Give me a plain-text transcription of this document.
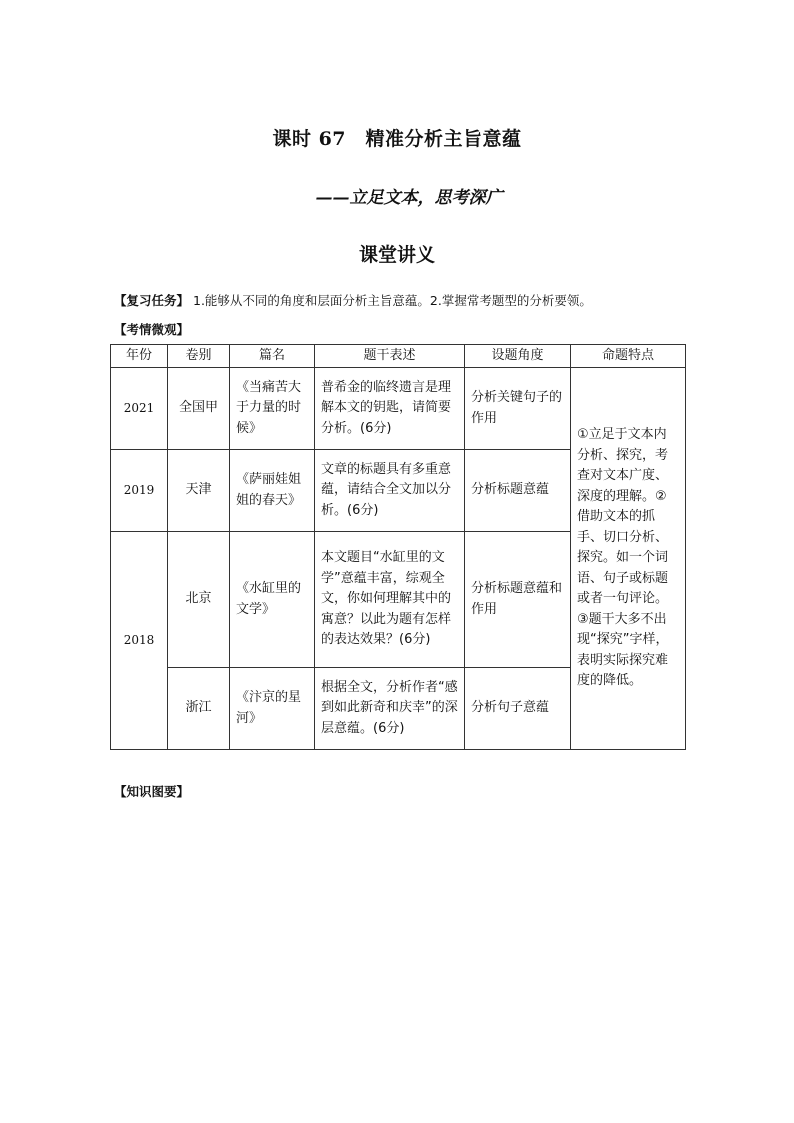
课时 67　精准分析主旨意蕴
——立足文本，思考深广
课堂讲义
【复习任务】 1.能够从不同的角度和层面分析主旨意蕴。2.掌握常考题型的分析要领。
【考情微观】
年份	卷别	篇名	题干表述	设题角度	命题特点
2021	全国甲	《当痛苦大于力量的时候》	普希金的临终遗言是理解本文的钥匙，请简要分析。(6分)	分析关键句子的作用	①立足于文本内分析、探究，考查对文本广度、深度的理解。②借助文本的抓手、切口分析、探究。如一个词语、句子或标题或者一句评论。③题干大多不出现“探究”字样，表明实际探究难度的降低。
2019	天津	《萨丽娃姐姐的春天》	文章的标题具有多重意蕴，请结合全文加以分析。(6分)	分析标题意蕴	
2018	北京	《水缸里的文学》	本文题目“水缸里的文学”意蕴丰富，综观全文，你如何理解其中的寓意？以此为题有怎样的表达效果？(6分)	分析标题意蕴和作用	
	浙江	《汴京的星河》	根据全文，分析作者“感到如此新奇和庆幸”的深层意蕴。(6分)	分析句子意蕴	
【知识图要】
